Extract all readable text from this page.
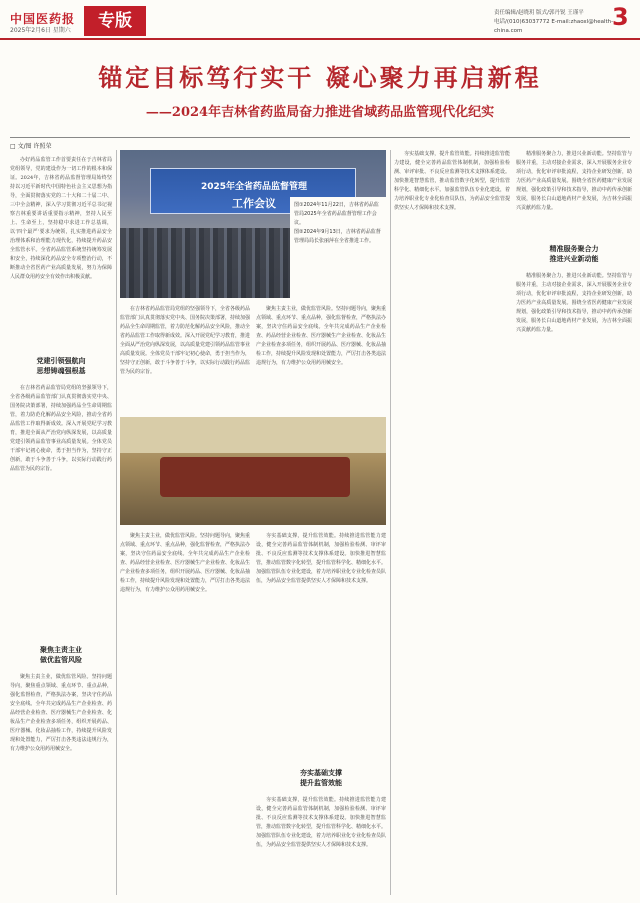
中国医药报
2025年2月6日 星期六	专版	责任编辑/赵晓玥 版式/郭丹锐 王谨平
电话/(010)63037772 E-mail:zhaoxl@health-china.com	3
锚定目标笃行实干 凝心聚力再启新程
——2024年吉林省药监局奋力推进省域药品监管现代化纪实
□ 文/图 许照荣

办好药品监管工作首要责任在于吉林省局党组领导，党的建设作为一切工作的根本和保证。2024年，吉林省药品监督管理局始终坚持以习近平新时代中国特色社会主义思想为指导，全面贯彻落实党的二十大和二十届二中、三中全会精神，深入学习贯彻习近平总书记视察吉林重要讲话重要指示精神，坚持人民至上、生命至上，坚持稳中求进工作总基调，以‘四个最严’要求为统领，扎实推进药品安全治理体系和治理能力现代化，持续提升药品安全监管水平。全省药品监管系统坚持统筹发展和安全，持续深化药品安全专项整治行动，不断推动全省医药产业高质量发展，努力为保障人民群众用药安全有效作出积极贡献。

党建引领强航向
思想铸魂强根基

在吉林省药品监管局党组的坚强领导下，全省各级药品监管部门认真贯彻落实党中央、国务院决策部署，持续加强药品全生命周期监管，着力防范化解药品安全风险，推动全省药品监管工作取得新成效。深入开展党纪学习教育，推进全面从严治党向纵深发展，以高质量党建引领药品监管事业高质量发展。全体党员干部牢记初心使命，勇于担当作为，坚持守正创新，敢于斗争善于斗争，以实际行动践行药品监管为民的宗旨。

聚焦主责主业
做优监管风险

聚焦主责主业，做优监管风险。坚持问题导向，聚焦重点领域、重点环节、重点品种，强化监督检查，严格执法办案，坚决守住药品安全底线。全年共完成药品生产企业检查、药品经营企业检查、医疗器械生产企业检查、化妆品生产企业检查多项任务，组织开展药品、医疗器械、化妆品抽检工作，持续提升风险发现和处置能力，严厉打击各类违法违规行为，有力维护公众用药用械安全。

2025年全省药品监督管理
工作会议	图①2024年11月22日，吉林省药品监管局2025年全省药品监督管理工作会议。
图②2024年9月13日，吉林省药品监督管理局局长张丽萍在全省推进工作。

在吉林省药品监管局党组的坚强领导下，全省各级药品监管部门认真贯彻落实党中央、国务院决策部署，持续加强药品全生命周期监管，着力防范化解药品安全风险，推动全省药品监管工作取得新成效。深入开展党纪学习教育，推进全面从严治党向纵深发展，以高质量党建引领药品监管事业高质量发展。全体党员干部牢记初心使命，勇于担当作为，坚持守正创新，敢于斗争善于斗争，以实际行动践行药品监管为民的宗旨。

聚焦主责主业，做优监管风险。坚持问题导向，聚焦重点领域、重点环节、重点品种，强化监督检查，严格执法办案，坚决守住药品安全底线。全年共完成药品生产企业检查、药品经营企业检查、医疗器械生产企业检查、化妆品生产企业检查多项任务，组织开展药品、医疗器械、化妆品抽检工作，持续提升风险发现和处置能力，严厉打击各类违法违规行为，有力维护公众用药用械安全。

聚焦主责主业，做优监管风险。坚持问题导向，聚焦重点领域、重点环节、重点品种，强化监督检查，严格执法办案，坚决守住药品安全底线。全年共完成药品生产企业检查、药品经营企业检查、医疗器械生产企业检查、化妆品生产企业检查多项任务，组织开展药品、医疗器械、化妆品抽检工作，持续提升风险发现和处置能力，严厉打击各类违法违规行为，有力维护公众用药用械安全。

夯实基础支撑，提升监管效能。持续推进监管能力建设，健全完善药品监管体制机制，加强检验检测、审评审批、不良反应监测等技术支撑体系建设。加快推进智慧监管，推动监管数字化转型，提升监管科学化、精细化水平。加强监管队伍专业化建设，着力培养职业化专业化检查员队伍，为药品安全监管提供坚实人才保障和技术支撑。

夯实基础支撑
提升监管效能

夯实基础支撑，提升监管效能。持续推进监管能力建设，健全完善药品监管体制机制，加强检验检测、审评审批、不良反应监测等技术支撑体系建设。加快推进智慧监管，推动监管数字化转型，提升监管科学化、精细化水平。加强监管队伍专业化建设，着力培养职业化专业化检查员队伍，为药品安全监管提供坚实人才保障和技术支撑。

夯实基础支撑，提升监管效能。持续推进监管能力建设，健全完善药品监管体制机制，加强检验检测、审评审批、不良反应监测等技术支撑体系建设。加快推进智慧监管，推动监管数字化转型，提升监管科学化、精细化水平。加强监管队伍专业化建设，着力培养职业化专业化检查员队伍，为药品安全监管提供坚实人才保障和技术支撑。

精准服务聚合力，推进兴业新动能。坚持监管与服务并重，主动对接企业需求，深入开展服务企业专项行动，优化审评审批流程，支持企业研发创新，助力医药产业高质量发展。围绕全省医药健康产业发展规划，强化政策引导和技术指导，推动中药传承创新发展，服务长白山道地药材产业发展，为吉林全面振兴贡献药监力量。

精准服务聚合力
推进兴业新动能

精准服务聚合力，推进兴业新动能。坚持监管与服务并重，主动对接企业需求，深入开展服务企业专项行动，优化审评审批流程，支持企业研发创新，助力医药产业高质量发展。围绕全省医药健康产业发展规划，强化政策引导和技术指导，推动中药传承创新发展，服务长白山道地药材产业发展，为吉林全面振兴贡献药监力量。
